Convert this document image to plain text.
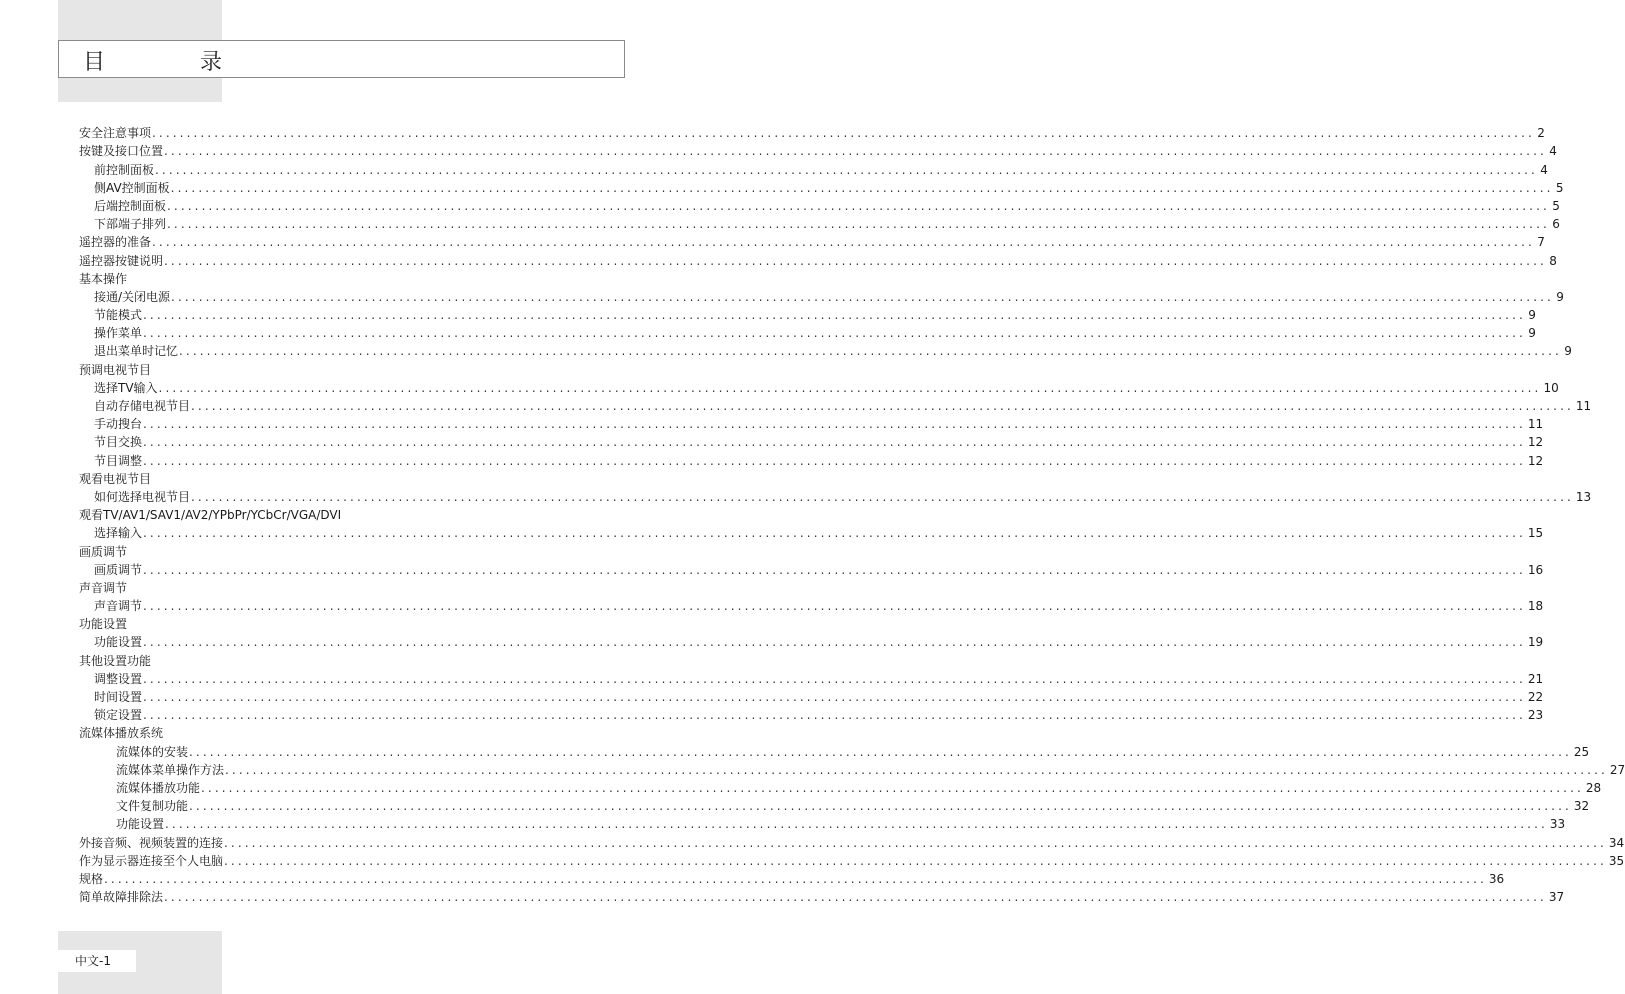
目 录
安全注意事项 ........................................................................................................................................................................................................ 2
按键及接口位置 ........................................................................................................................................................................................................ 4
前控制面板 ........................................................................................................................................................................................................ 4
侧AV控制面板 ........................................................................................................................................................................................................ 5
后端控制面板 ........................................................................................................................................................................................................ 5
下部端子排列 ........................................................................................................................................................................................................ 6
遥控器的准备 ........................................................................................................................................................................................................ 7
遥控器按键说明 ........................................................................................................................................................................................................ 8
基本操作
接通/关闭电源 ........................................................................................................................................................................................................ 9
节能模式 ........................................................................................................................................................................................................ 9
操作菜单 ........................................................................................................................................................................................................ 9
退出菜单时记忆 ........................................................................................................................................................................................................ 9
预调电视节目
选择TV输入 ........................................................................................................................................................................................................ 10
自动存储电视节目 ........................................................................................................................................................................................................ 11
手动搜台 ........................................................................................................................................................................................................ 11
节目交换 ........................................................................................................................................................................................................ 12
节目调整 ........................................................................................................................................................................................................ 12
观看电视节目
如何选择电视节目 ........................................................................................................................................................................................................ 13
观看TV/AV1/SAV1/AV2/YPbPr/YCbCr/VGA/DVI
选择输入 ........................................................................................................................................................................................................ 15
画质调节
画质调节 ........................................................................................................................................................................................................ 16
声音调节
声音调节 ........................................................................................................................................................................................................ 18
功能设置
功能设置 ........................................................................................................................................................................................................ 19
其他设置功能
调整设置 ........................................................................................................................................................................................................ 21
时间设置 ........................................................................................................................................................................................................ 22
锁定设置 ........................................................................................................................................................................................................ 23
流媒体播放系统
流媒体的安装 ........................................................................................................................................................................................................ 25
流媒体菜单操作方法 ........................................................................................................................................................................................................ 27
流媒体播放功能 ........................................................................................................................................................................................................ 28
文件复制功能 ........................................................................................................................................................................................................ 32
功能设置 ........................................................................................................................................................................................................ 33
外接音频、视频装置的连接 ........................................................................................................................................................................................................ 34
作为显示器连接至个人电脑 ........................................................................................................................................................................................................ 35
规格 ........................................................................................................................................................................................................ 36
简单故障排除法 ........................................................................................................................................................................................................ 37
中文-1
